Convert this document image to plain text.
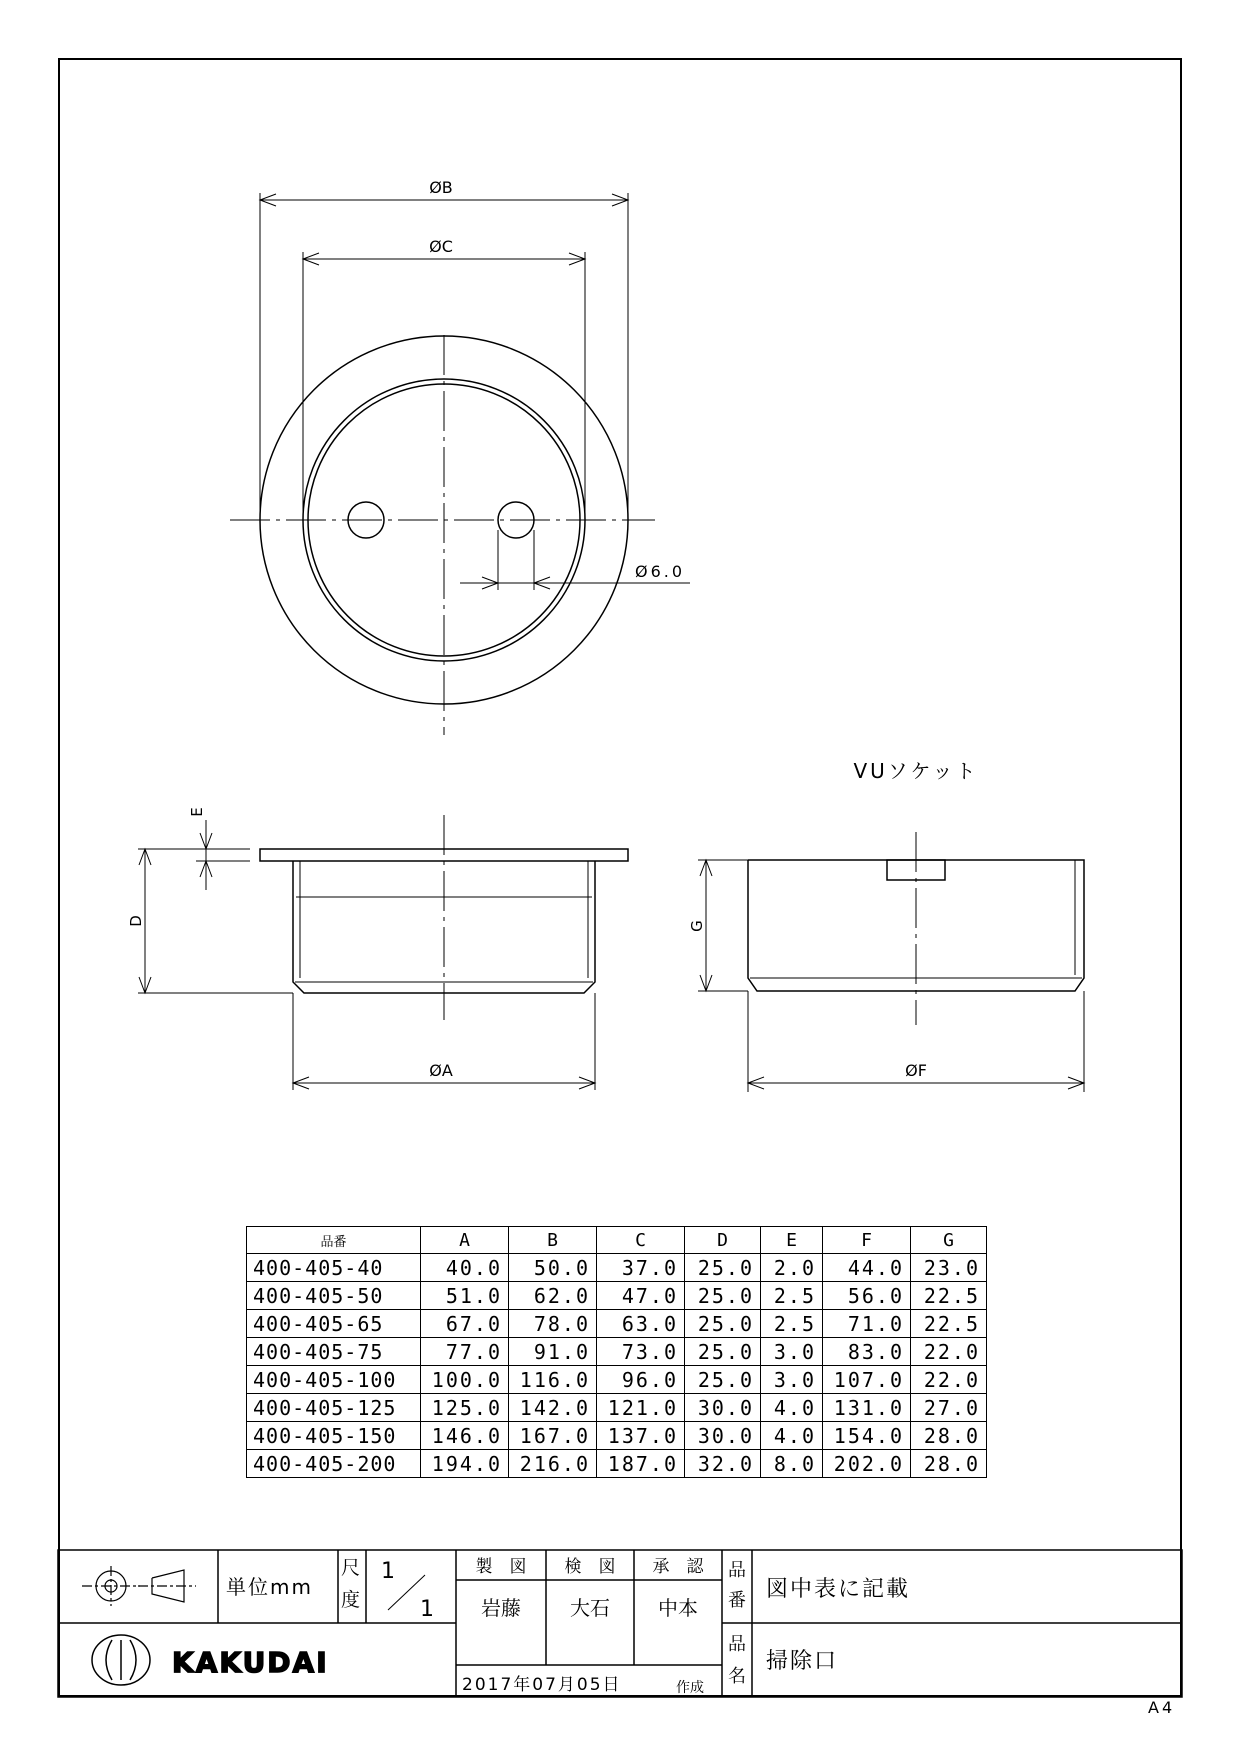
ØB
ØC
Ø6.0
E
D
ØA
VUソケット
G
ØF
単位mm
尺
度
1
1
製　図 検　図 承　認
岩藤 大石 中本
2017年07月05日	作成
品
番 図中表に記載
品
名
掃除口
KAKUDAI
品番	A	B	C	D	E	F	G
400-405-40	40.0	50.0	37.0	25.0	2.0	44.0	23.0
400-405-50	51.0	62.0	47.0	25.0	2.5	56.0	22.5
400-405-65	67.0	78.0	63.0	25.0	2.5	71.0	22.5
400-405-75	77.0	91.0	73.0	25.0	3.0	83.0	22.0
400-405-100	100.0	116.0	96.0	25.0	3.0	107.0	22.0
400-405-125	125.0	142.0	121.0	30.0	4.0	131.0	27.0
400-405-150	146.0	167.0	137.0	30.0	4.0	154.0	28.0
400-405-200	194.0	216.0	187.0	32.0	8.0	202.0	28.0
A4
